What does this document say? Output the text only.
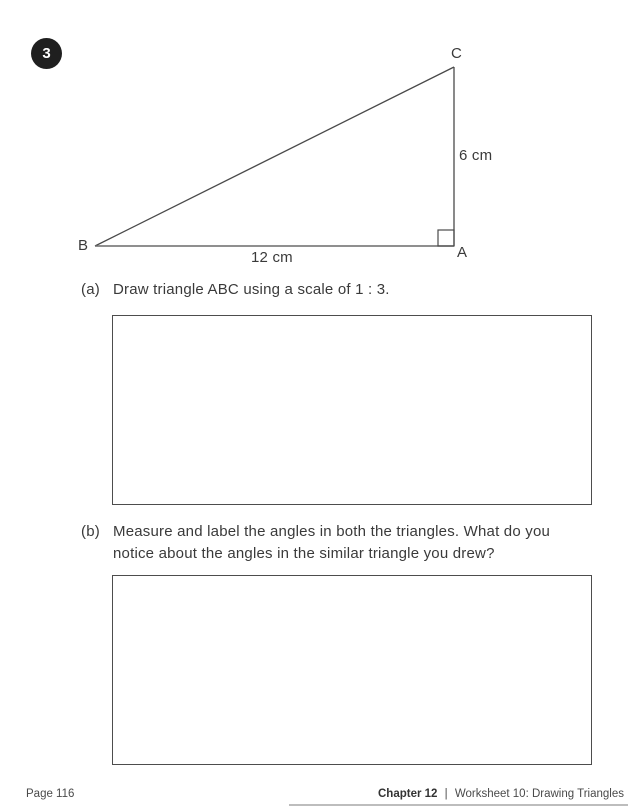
3	C
B	A
6 cm
12 cm
(a) Draw triangle ABC using a scale of 1 : 3.
(b) Measure and label the angles in both the triangles. What do you
notice about the angles in the similar triangle you drew?
Page 116	Chapter 12 | Worksheet 10: Drawing Triangles
